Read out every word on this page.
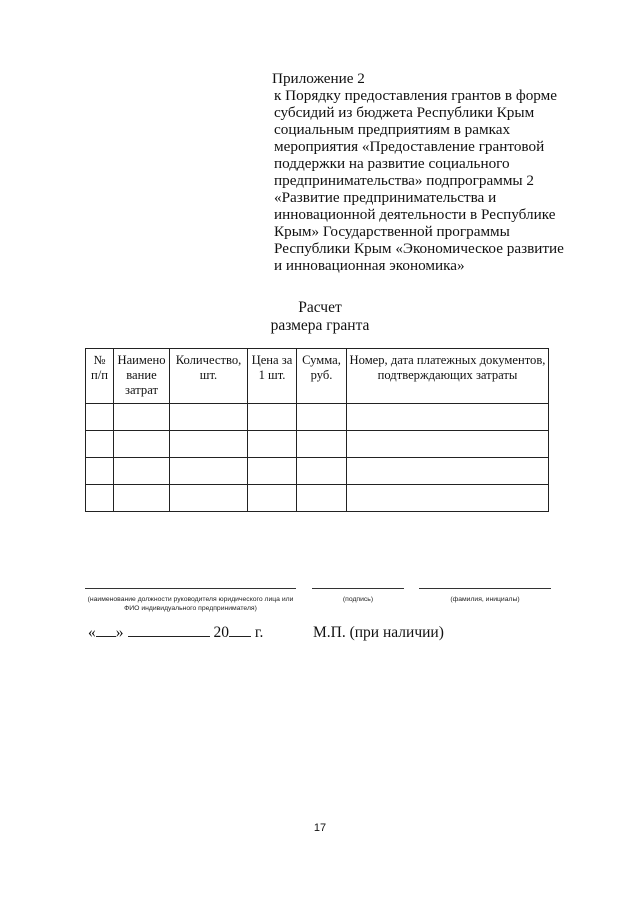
Приложение 2
к Порядку предоставления грантов в форме субсидий из бюджета Республики Крым социальным предприятиям в рамках мероприятия «Предоставление грантовой поддержки на развитие социального предпринимательства» подпрограммы 2 «Развитие предпринимательства и инновационной деятельности в Республике Крым» Государственной программы Республики Крым «Экономическое развитие и инновационная экономика»
Расчет
размера гранта
№ п/п	Наимено вание затрат	Количество, шт.	Цена за 1 шт.	Сумма, руб.	Номер, дата платежных документов, подтверждающих затраты

(наименование должности руководителя юридического лица или ФИО индивидуального предпринимателя)
(подпись)	(фамилия, инициалы)
« »	20 г.	М.П. (при наличии)
17
